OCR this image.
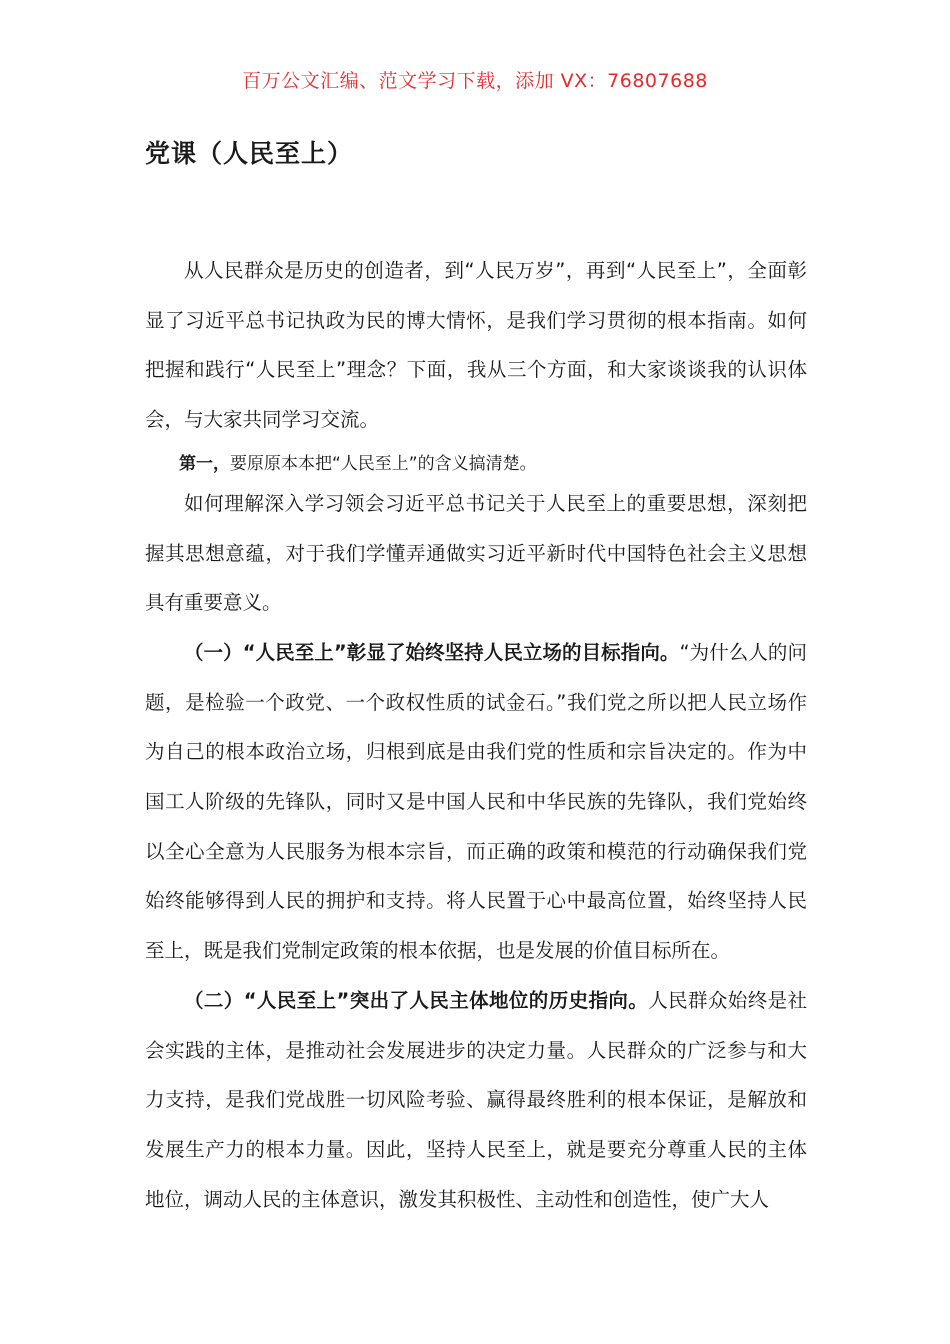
百万公文汇编、范文学习下载，添加 VX：76807688
党课（人民至上）

从人民群众是历史的创造者，到“人民万岁”，再到“人民至上”，全面彰显了习近平总书记执政为民的博大情怀，是我们学习贯彻的根本指南。如何把握和践行“人民至上”理念？下面，我从三个方面，和大家谈谈我的认识体会，与大家共同学习交流。

第一，要原原本本把“人民至上”的含义搞清楚。

如何理解深入学习领会习近平总书记关于人民至上的重要思想，深刻把握其思想意蕴，对于我们学懂弄通做实习近平新时代中国特色社会主义思想具有重要意义。

（一）“人民至上”彰显了始终坚持人民立场的目标指向。“为什么人的问题，是检验一个政党、一个政权性质的试金石。”我们党之所以把人民立场作为自己的根本政治立场，归根到底是由我们党的性质和宗旨决定的。作为中国工人阶级的先锋队，同时又是中国人民和中华民族的先锋队，我们党始终以全心全意为人民服务为根本宗旨，而正确的政策和模范的行动确保我们党始终能够得到人民的拥护和支持。将人民置于心中最高位置，始终坚持人民至上，既是我们党制定政策的根本依据，也是发展的价值目标所在。

（二）“人民至上”突出了人民主体地位的历史指向。人民群众始终是社会实践的主体，是推动社会发展进步的决定力量。人民群众的广泛参与和大力支持，是我们党战胜一切风险考验、赢得最终胜利的根本保证，是解放和发展生产力的根本力量。因此，坚持人民至上，就是要充分尊重人民的主体地位，调动人民的主体意识，激发其积极性、主动性和创造性，使广大人
